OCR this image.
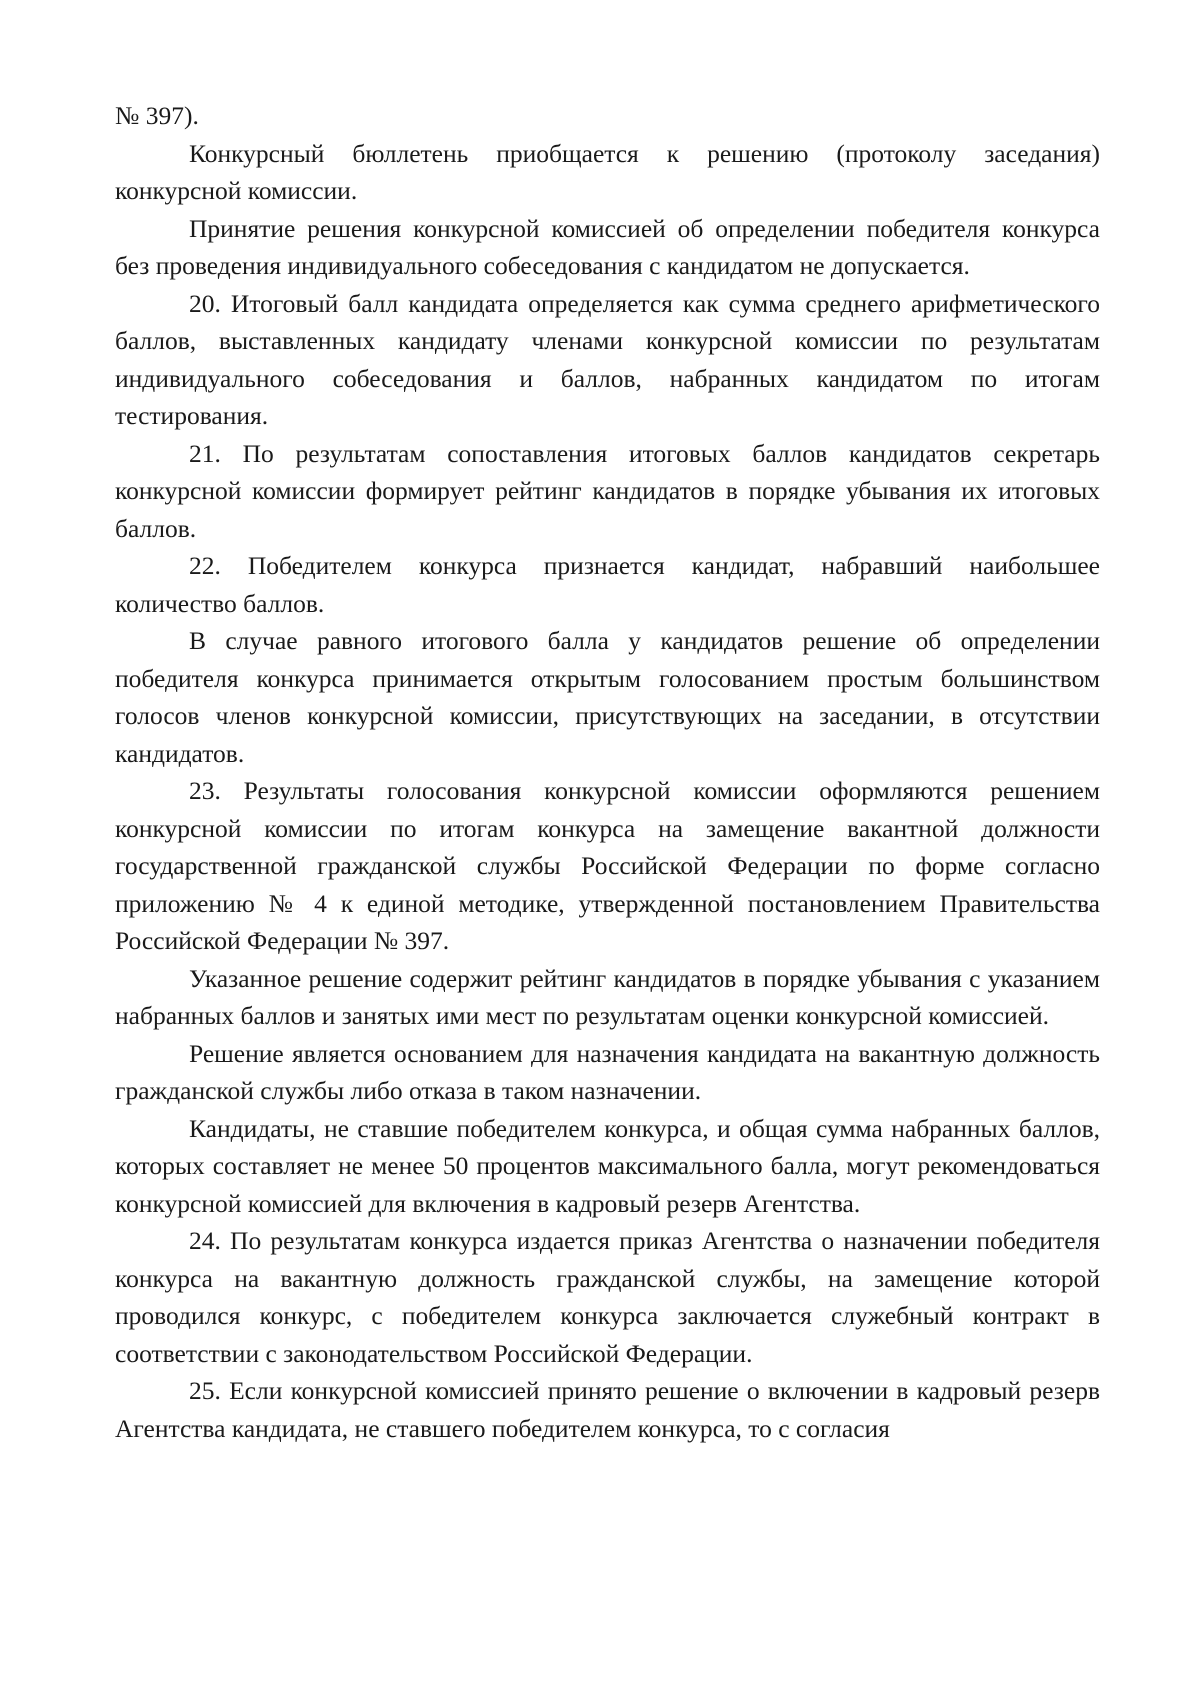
№ 397).

Конкурсный бюллетень приобщается к решению (протоколу заседания) конкурсной комиссии.

Принятие решения конкурсной комиссией об определении победителя конкурса без проведения индивидуального собеседования с кандидатом не допускается.

20. Итоговый балл кандидата определяется как сумма среднего арифметического баллов, выставленных кандидату членами конкурсной комиссии по результатам индивидуального собеседования и баллов, набранных кандидатом по итогам тестирования.

21. По результатам сопоставления итоговых баллов кандидатов секретарь конкурсной комиссии формирует рейтинг кандидатов в порядке убывания их итоговых баллов.

22. Победителем конкурса признается кандидат, набравший наибольшее количество баллов.

В случае равного итогового балла у кандидатов решение об определении победителя конкурса принимается открытым голосованием простым большинством голосов членов конкурсной комиссии, присутствующих на заседании, в отсутствии кандидатов.

23. Результаты голосования конкурсной комиссии оформляются решением конкурсной комиссии по итогам конкурса на замещение вакантной должности государственной гражданской службы Российской Федерации по форме согласно приложению № 4 к единой методике, утвержденной постановлением Правительства Российской Федерации № 397.

Указанное решение содержит рейтинг кандидатов в порядке убывания с указанием набранных баллов и занятых ими мест по результатам оценки конкурсной комиссией.

Решение является основанием для назначения кандидата на вакантную должность гражданской службы либо отказа в таком назначении.

Кандидаты, не ставшие победителем конкурса, и общая сумма набранных баллов, которых составляет не менее 50 процентов максимального балла, могут рекомендоваться конкурсной комиссией для включения в кадровый резерв Агентства.

24. По результатам конкурса издается приказ Агентства о назначении победителя конкурса на вакантную должность гражданской службы, на замещение которой проводился конкурс, с победителем конкурса заключается служебный контракт в соответствии с законодательством Российской Федерации.

25. Если конкурсной комиссией принято решение о включении в кадровый резерв Агентства кандидата, не ставшего победителем конкурса, то с согласия
